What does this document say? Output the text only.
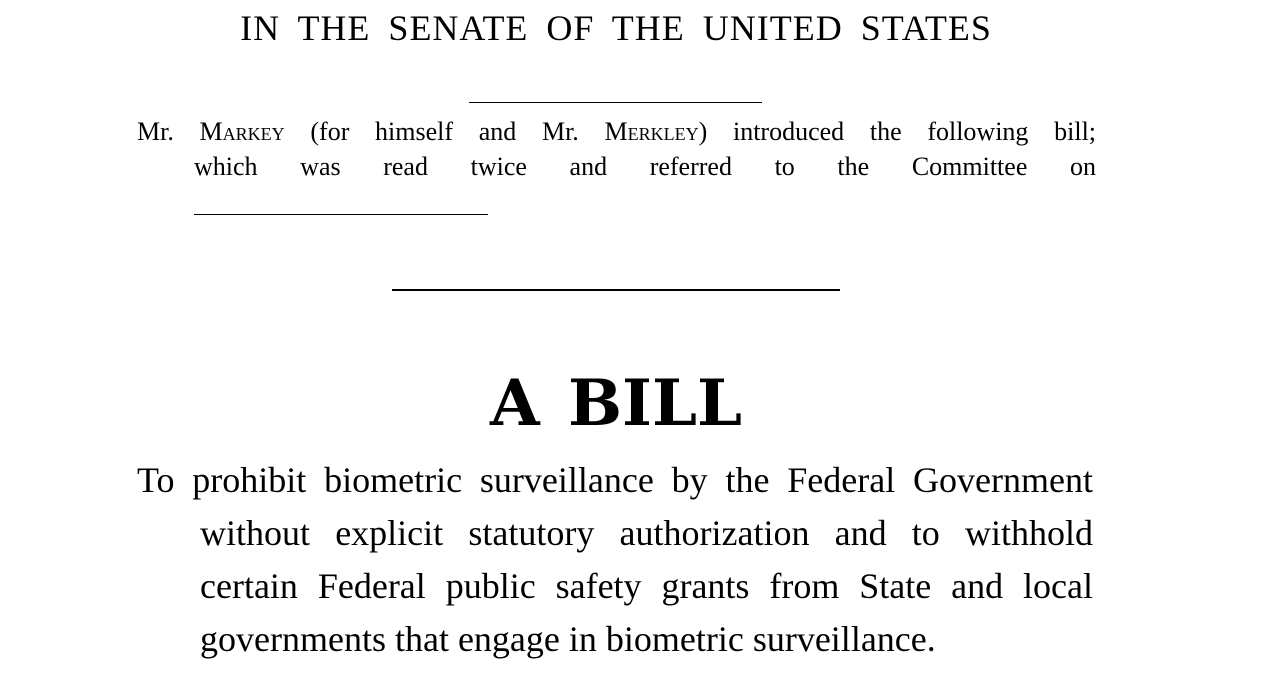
IN THE SENATE OF THE UNITED STATES
Mr. Markey (for himself and Mr. Merkley) introduced the following bill;
which was read twice and referred to the Committee on
A BILL
To prohibit biometric surveillance by the Federal Government
without explicit statutory authorization and to withhold
certain Federal public safety grants from State and local
governments that engage in biometric surveillance.
